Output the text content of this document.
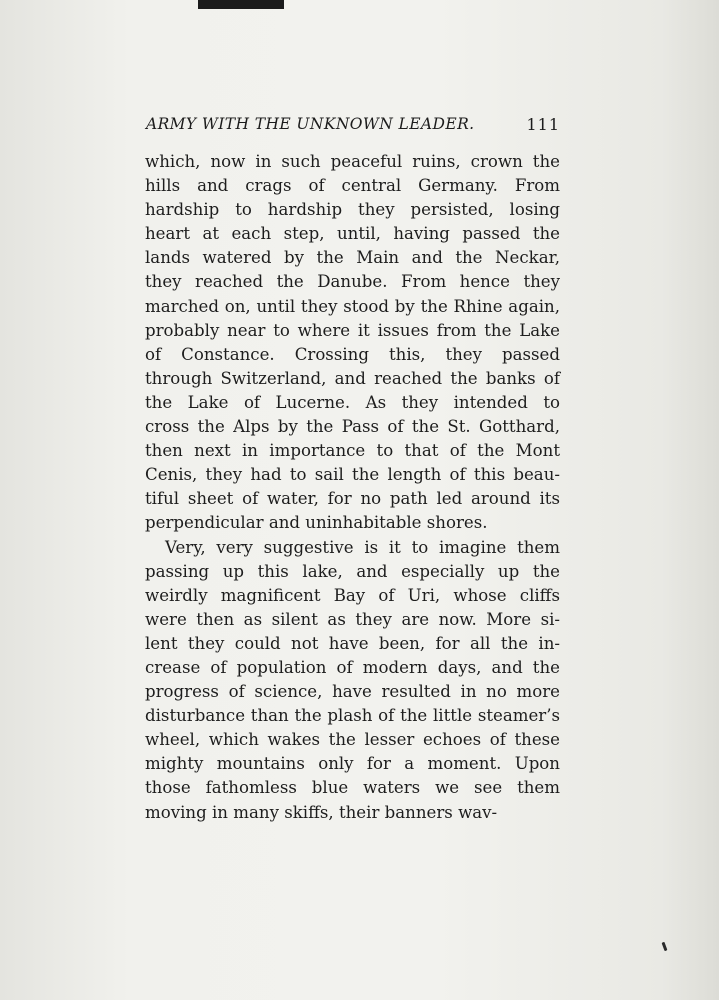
ARMY WITH THE UNKNOWN LEADER.	111
which, now in such peaceful ruins, crown the
hills and crags of central Germany. From
hardship to hardship they persisted, losing
heart at each step, until, having passed the
lands watered by the Main and the Neckar,
they reached the Danube. From hence they
marched on, until they stood by the Rhine again,
probably near to where it issues from the Lake
of Constance. Crossing this, they passed
through Switzerland, and reached the banks of
the Lake of Lucerne. As they intended to
cross the Alps by the Pass of the St. Gotthard,
then next in importance to that of the Mont
Cenis, they had to sail the length of this beau-
tiful sheet of water, for no path led around its
perpendicular and uninhabitable shores.
Very, very suggestive is it to imagine them
passing up this lake, and especially up the
weirdly magnificent Bay of Uri, whose cliffs
were then as silent as they are now. More si-
lent they could not have been, for all the in-
crease of population of modern days, and the
progress of science, have resulted in no more
disturbance than the plash of the little steamer’s
wheel, which wakes the lesser echoes of these
mighty mountains only for a moment. Upon
those fathomless blue waters we see them
moving in many skiffs, their banners wav-
